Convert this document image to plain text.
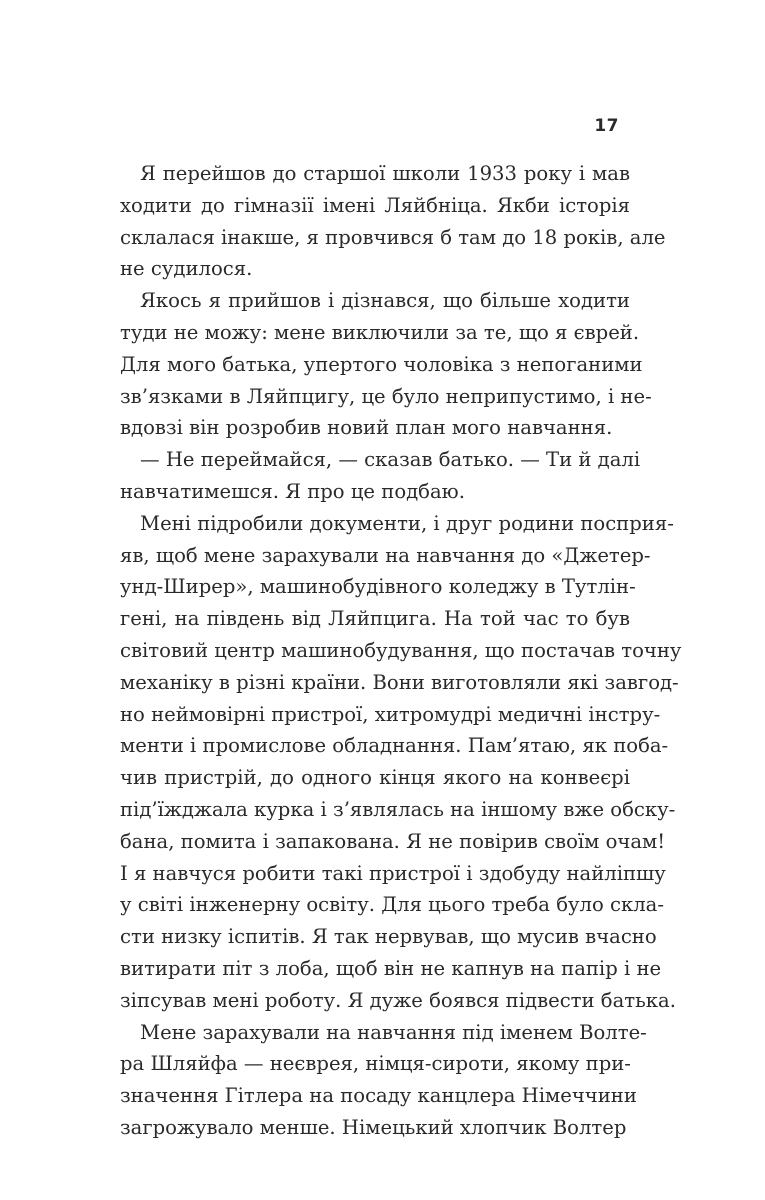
17
Я перейшов до старшої школи 1933 року і мав
ходити до гімназії імені Ляйбніца. Якби історія
склалася інакше, я провчився б там до 18 років, але
не судилося.
Якось я прийшов і дізнався, що більше ходити
туди не можу: мене виключили за те, що я єврей.
Для мого батька, упертого чоловіка з непоганими
зв’язками в Ляйпцигу, це було неприпустимо, і не-
вдовзі він розробив новий план мого навчання.
— Не переймайся, — сказав батько. — Ти й далі
навчатимешся. Я про це подбаю.
Мені підробили документи, і друг родини посприя-
яв, щоб мене зарахували на навчання до «Джетер-
унд-Ширер», машинобудівного коледжу в Тутлін-
гені, на південь від Ляйпцига. На той час то був
світовий центр машинобудування, що постачав точну
механіку в різні країни. Вони виготовляли які завгод-
но неймовірні пристрої, хитромудрі медичні інстру-
менти і промислове обладнання. Пам’ятаю, як поба-
чив пристрій, до одного кінця якого на конвеєрі
під’їжджала курка і з’являлась на іншому вже обску-
бана, помита і запакована. Я не повірив своїм очам!
І я навчуся робити такі пристрої і здобуду найліпшу
у світі інженерну освіту. Для цього треба було скла-
сти низку іспитів. Я так нервував, що мусив вчасно
витирати піт з лоба, щоб він не капнув на папір і не
зіпсував мені роботу. Я дуже боявся підвести батька.
Мене зарахували на навчання під іменем Волте-
ра Шляйфа — неєврея, німця-сироти, якому при-
значення Гітлера на посаду канцлера Німеччини
загрожувало менше. Німецький хлопчик Волтер
